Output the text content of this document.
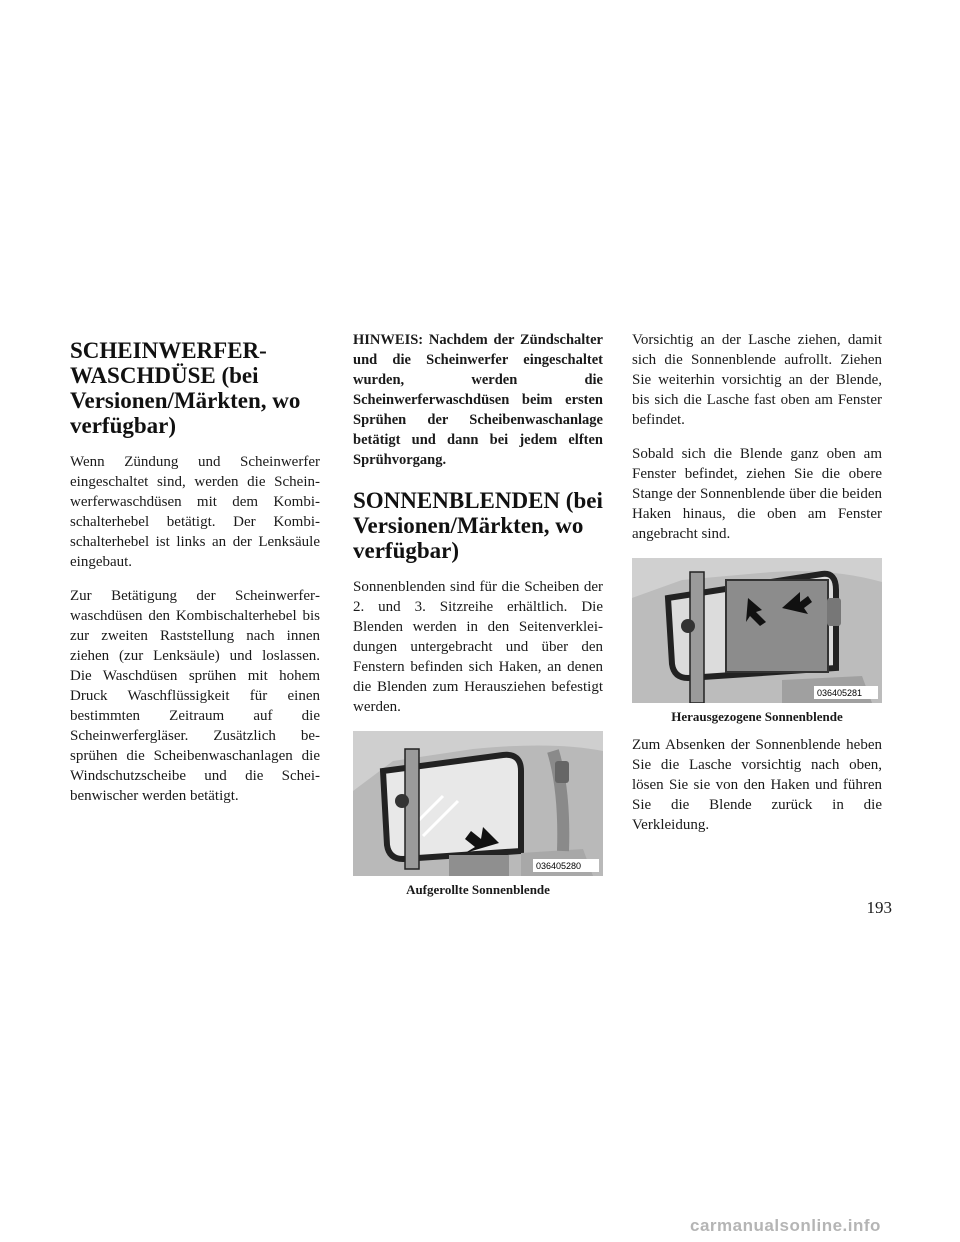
SCHEINWERFER-
WASCHDÜSE (bei
Versionen/Märkten, wo
verfügbar)

Wenn Zündung und Scheinwerfer eingeschaltet sind, werden die Scheinwerferwaschdüsen mit dem Kombischalterhebel betätigt. Der Kombischalterhebel ist links an der Lenksäule eingebaut.

Zur Betätigung der Scheinwerferwaschdüsen den Kombischalterhebel bis zur zweiten Raststellung nach innen ziehen (zur Lenksäule) und loslassen. Die Waschdüsen sprühen mit hohem Druck Waschflüssigkeit für einen bestimmten Zeitraum auf die Scheinwerfergläser. Zusätzlich besprühen die Scheibenwaschanlagen die Windschutzscheibe und die Scheibenwischer werden betätigt.

HINWEIS: Nachdem der Zündschalter und die Scheinwerfer eingeschaltet wurden, werden die Scheinwerferwaschdüsen beim ersten Sprühen der Scheibenwaschanlage betätigt und dann bei jedem elften Sprühvorgang.

SONNENBLENDEN (bei
Versionen/Märkten, wo
verfügbar)

Sonnenblenden sind für die Scheiben der 2. und 3. Sitzreihe erhältlich. Die Blenden werden in den Seitenverkleidungen untergebracht und über den Fenstern befinden sich Haken, an denen die Blenden zum Herausziehen befestigt werden.

036405280
Aufgerollte Sonnenblende

Vorsichtig an der Lasche ziehen, damit sich die Sonnenblende aufrollt. Ziehen Sie weiterhin vorsichtig an der Blende, bis sich die Lasche fast oben am Fenster befindet.

Sobald sich die Blende ganz oben am Fenster befindet, ziehen Sie die obere Stange der Sonnenblende über die beiden Haken hinaus, die oben am Fenster angebracht sind.

036405281
Herausgezogene Sonnenblende

Zum Absenken der Sonnenblende heben Sie die Lasche vorsichtig nach oben, lösen Sie sie von den Haken und führen Sie die Blende zurück in die Verkleidung.

193
carmanualsonline.info
